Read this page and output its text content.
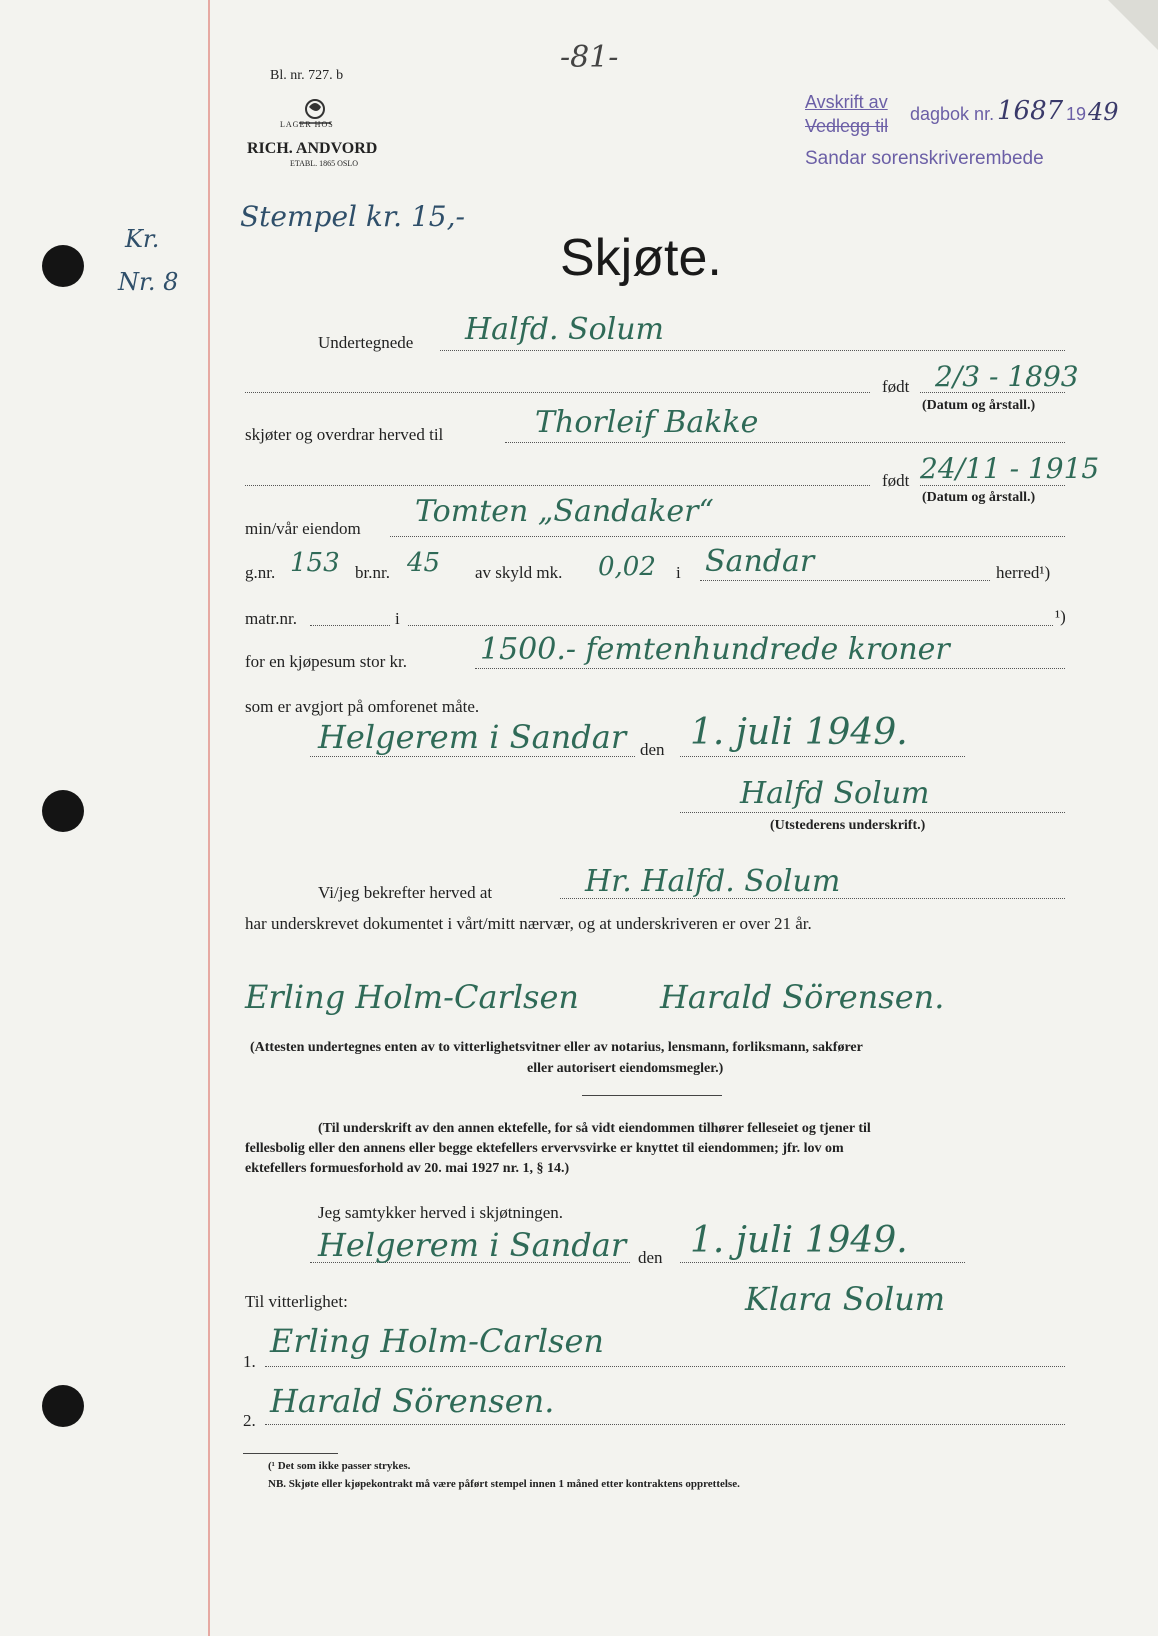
-81-
Bl. nr. 727. b
LAGER HOS
RICH. ANDVORD
ETABL. 1865 OSLO
Avskrift av
Vedlegg til
dagbok nr. 1687 19 49
Sandar sorenskriverembede
Stempel kr. 15,-
Kr.
Nr. 8	Skjøte.
Undertegnede Halfd. Solum
født 2/3 - 1893
(Datum og årstall.)
skjøter og overdrar herved til	Thorleif Bakke
født 24/11 - 1915
(Datum og årstall.)
min/vår eiendom Tomten „Sandaker“
g.nr. 153 br.nr. 45 av skyld mk. 0,02 i Sandar	herred¹)
matr.nr.	i	¹)
for en kjøpesum stor kr. 1500.- femtenhundrede kroner
som er avgjort på omforenet måte.
Helgerem i Sandar den 1. juli 1949.
Halfd Solum
(Utstederens underskrift.)
Vi/jeg bekrefter herved at	Hr. Halfd. Solum
har underskrevet dokumentet i vårt/mitt nærvær, og at underskriveren er over 21 år.
Erling Holm-Carlsen	Harald Sörensen.
(Attesten undertegnes enten av to vitterlighetsvitner eller av notarius, lensmann, forliksmann, sakfører
eller autorisert eiendomsmegler.)
(Til underskrift av den annen ektefelle, for så vidt eiendommen tilhører felleseiet og tjener til
fellesbolig eller den annens eller begge ektefellers ervervsvirke er knyttet til eiendommen; jfr. lov om
ektefellers formuesforhold av 20. mai 1927 nr. 1, § 14.)
Jeg samtykker herved i skjøtningen.
Helgerem i Sandar den 1. juli 1949.
Til vitterlighet:	Klara Solum
1.
Erling Holm-Carlsen
2.
Harald Sörensen.
(¹ Det som ikke passer strykes.
NB. Skjøte eller kjøpekontrakt må være påført stempel innen 1 måned etter kontraktens opprettelse.
